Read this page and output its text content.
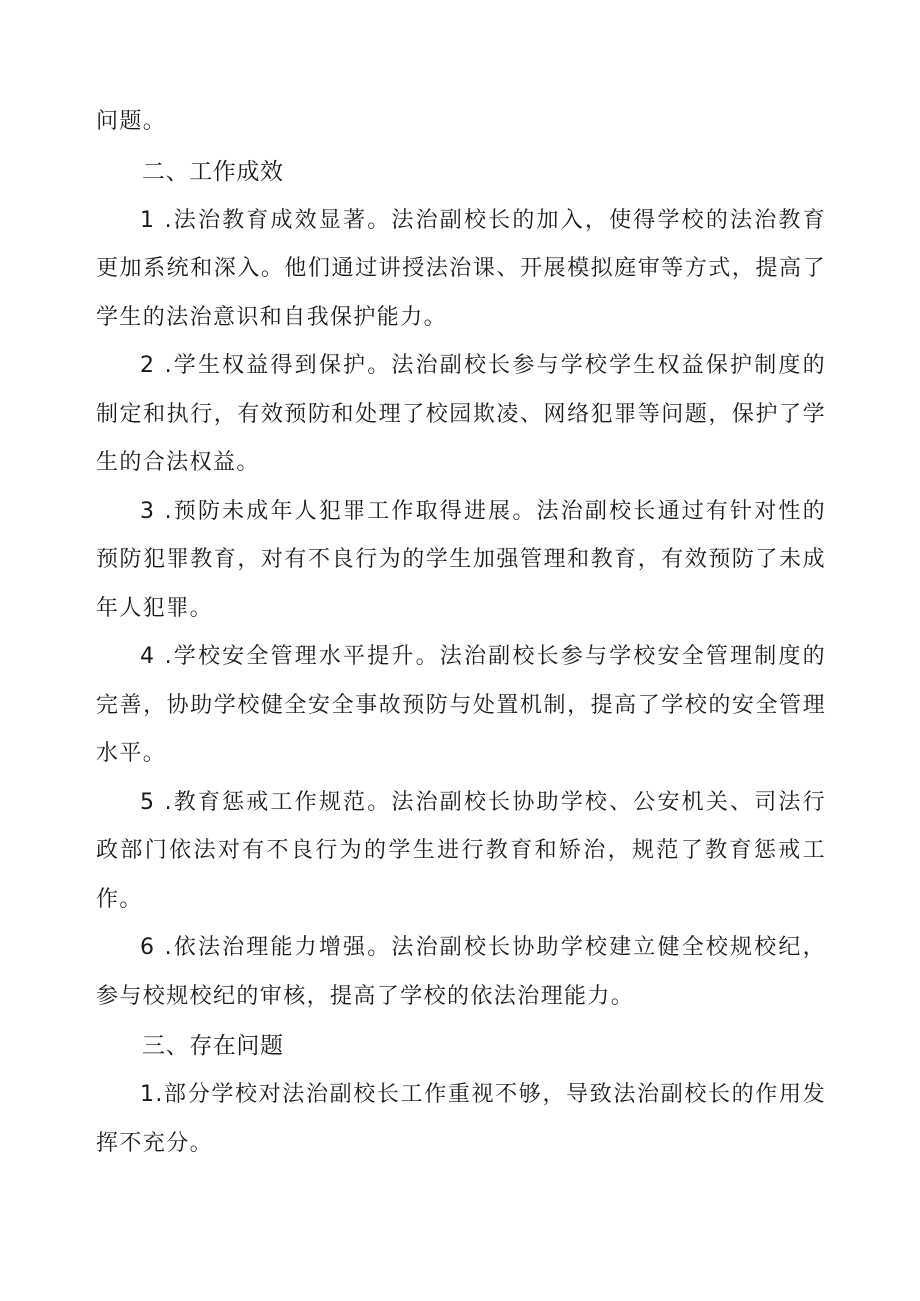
问题。

二、工作成效

1 .法治教育成效显著。法治副校长的加入，使得学校的法治教育更加系统和深入。他们通过讲授法治课、开展模拟庭审等方式，提高了学生的法治意识和自我保护能力。

2 .学生权益得到保护。法治副校长参与学校学生权益保护制度的制定和执行，有效预防和处理了校园欺凌、网络犯罪等问题，保护了学生的合法权益。

3 .预防未成年人犯罪工作取得进展。法治副校长通过有针对性的预防犯罪教育，对有不良行为的学生加强管理和教育，有效预防了未成年人犯罪。

4 .学校安全管理水平提升。法治副校长参与学校安全管理制度的完善，协助学校健全安全事故预防与处置机制，提高了学校的安全管理水平。

5 .教育惩戒工作规范。法治副校长协助学校、公安机关、司法行政部门依法对有不良行为的学生进行教育和矫治，规范了教育惩戒工作。

6 .依法治理能力增强。法治副校长协助学校建立健全校规校纪，参与校规校纪的审核，提高了学校的依法治理能力。

三、存在问题

1.部分学校对法治副校长工作重视不够，导致法治副校长的作用发挥不充分。
